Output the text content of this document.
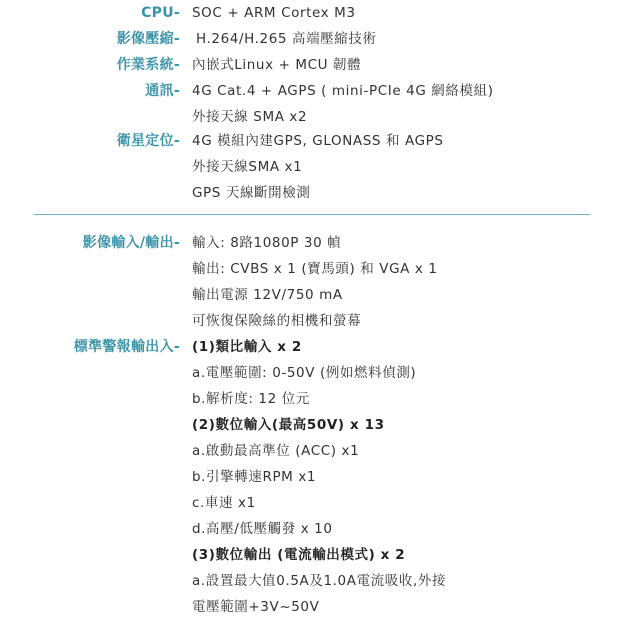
CPU- SOC + ARM Cortex M3
影像壓縮- H.264/H.265 高端壓縮技術
作業系統- 內嵌式Linux + MCU 韌體
通訊- 4G Cat.4 + AGPS ( mini-PCIe 4G 網絡模組)
外接天線 SMA x2
衛星定位- 4G 模組內建GPS, GLONASS 和 AGPS
外接天線SMA x1
GPS 天線斷開檢測
影像輸入/輸出- 輸入: 8路1080P 30 幀
輸出: CVBS x 1 (寶馬頭) 和 VGA x 1
輸出電源 12V/750 mA
可恢復保險絲的相機和螢幕
標準警報輸出入- (1)類比輸入 x 2
a.電壓範圍: 0-50V (例如燃料偵測)
b.解析度: 12 位元
(2)數位輸入(最高50V) x 13
a.啟動最高準位 (ACC) x1
b.引擎轉速RPM x1
c.車速 x1
d.高壓/低壓觸發 x 10
(3)數位輸出 (電流輸出模式) x 2
a.設置最大值0.5A及1.0A電流吸收,外接
電壓範圍+3V~50V
